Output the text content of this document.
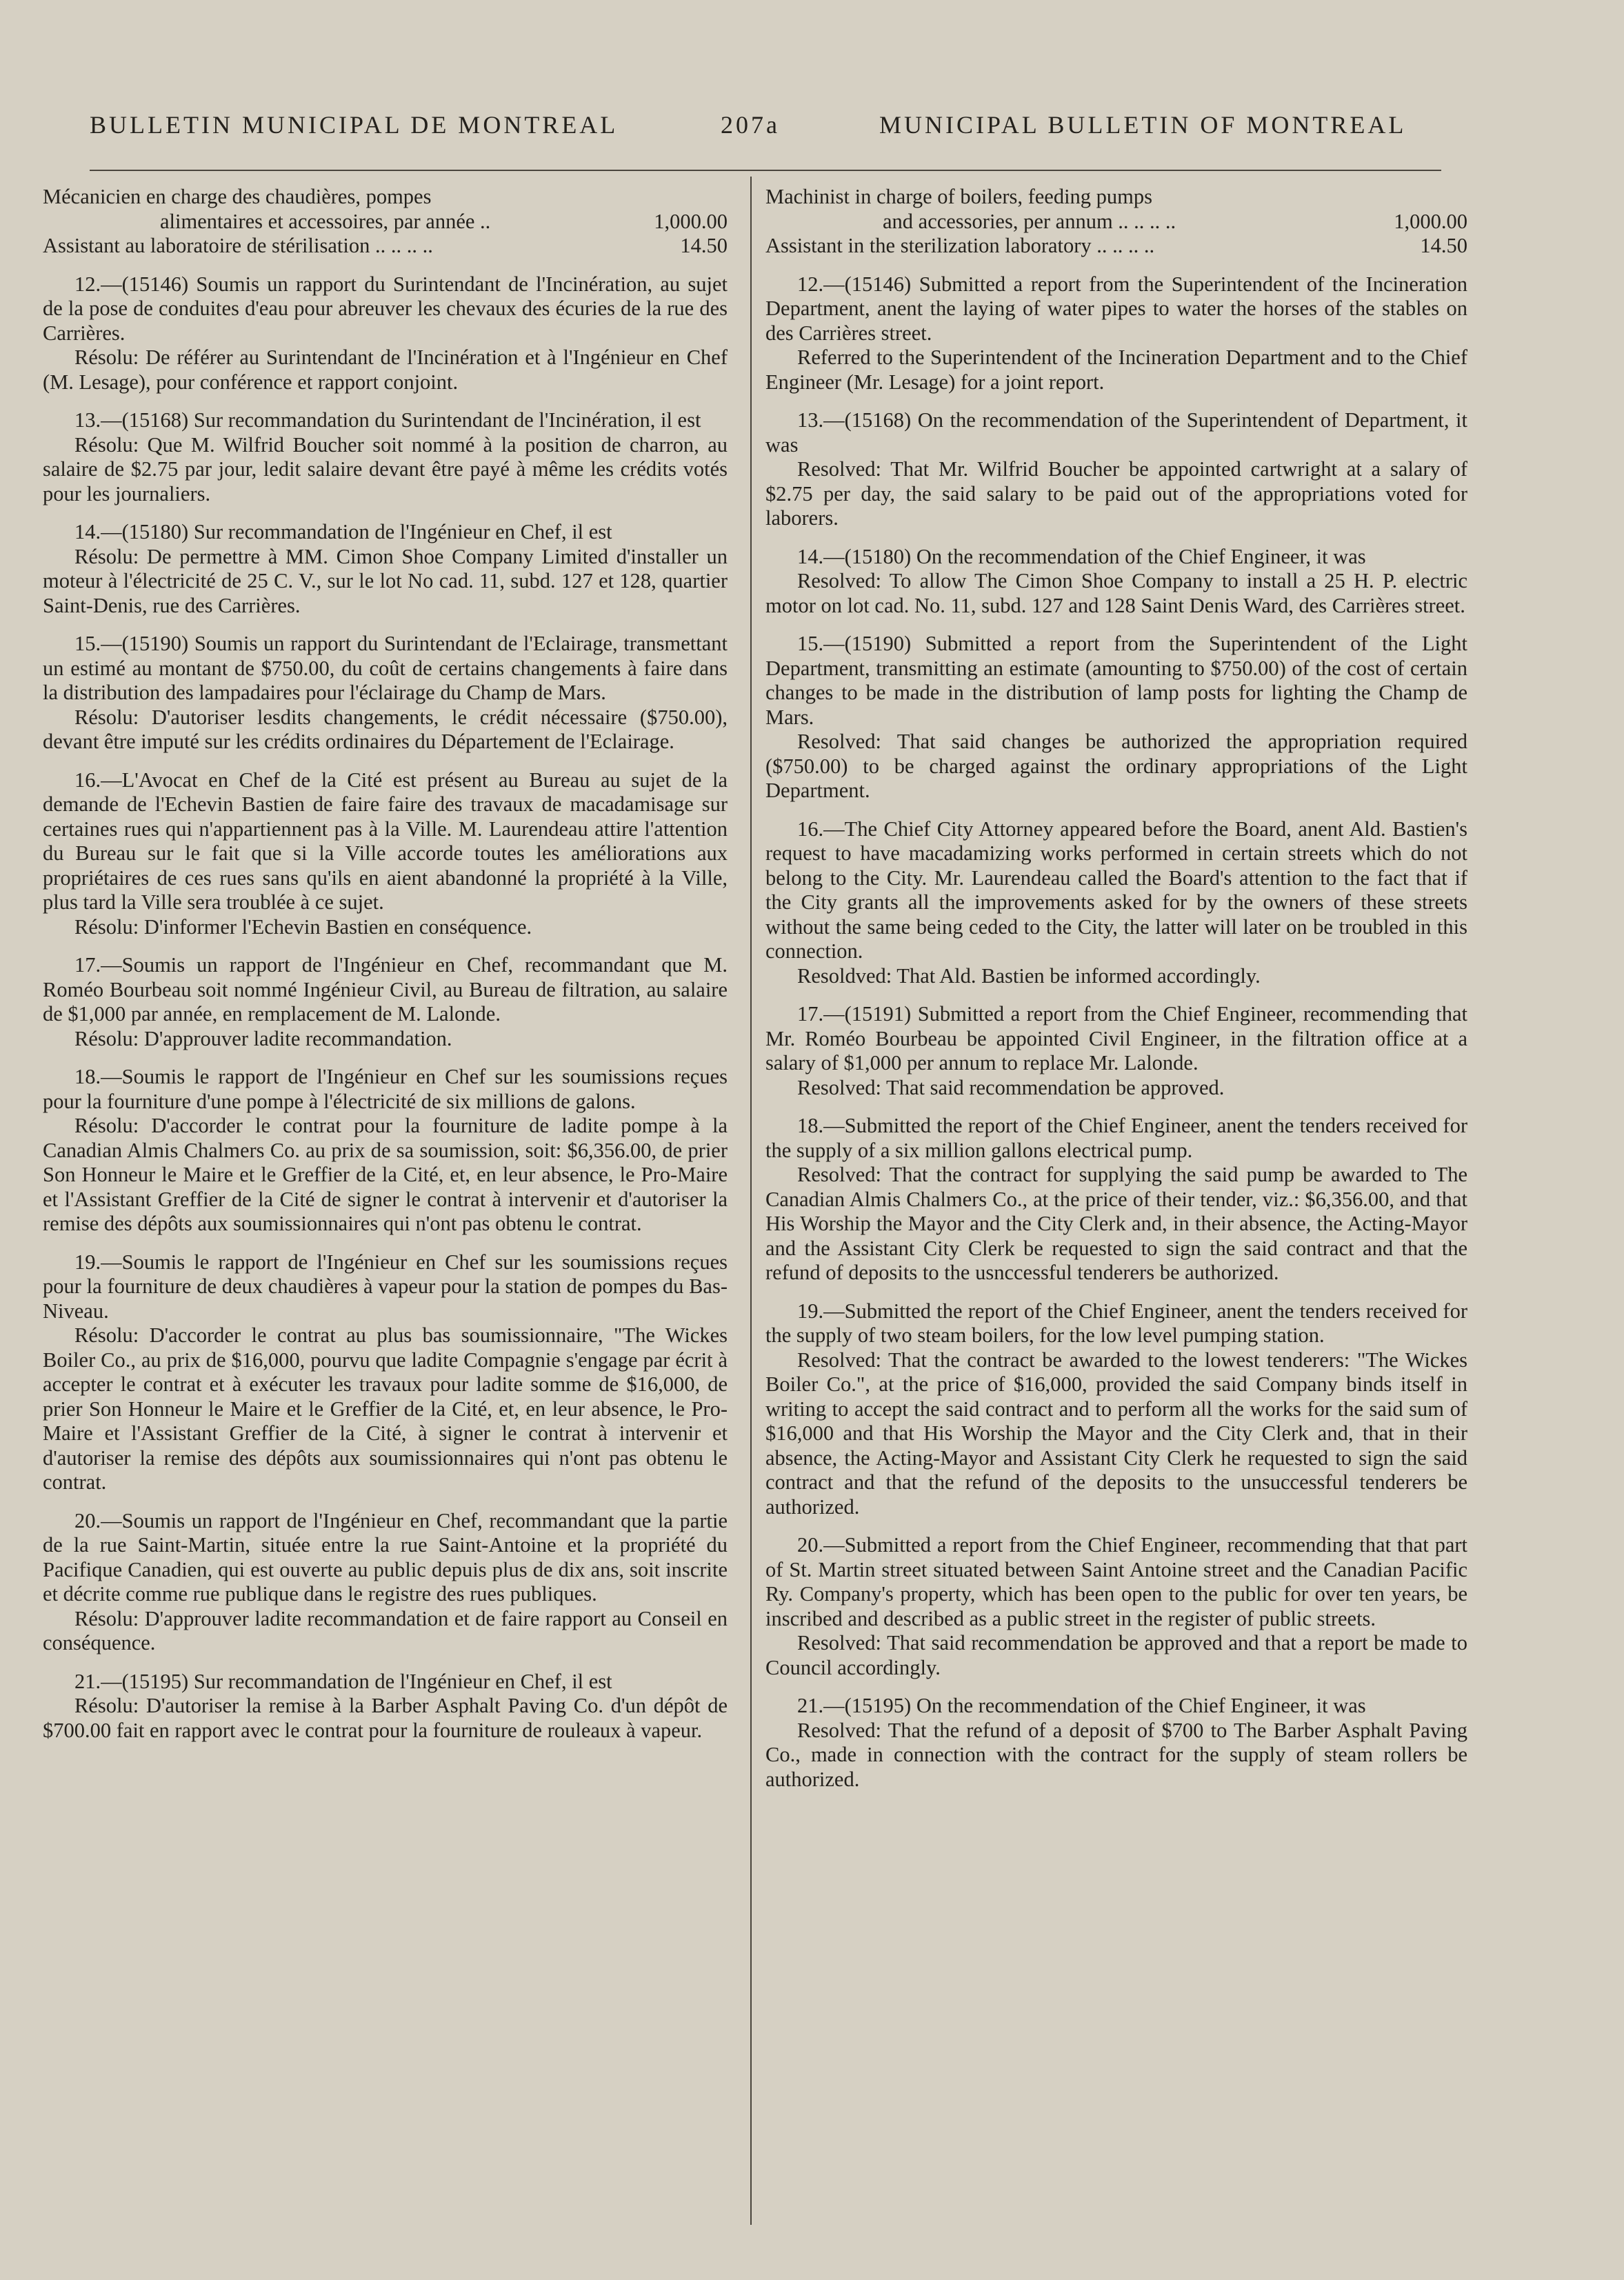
BULLETIN MUNICIPAL DE MONTREAL	207a	MUNICIPAL BULLETIN OF MONTREAL

Mécanicien en charge des chaudières, pompes

alimentaires et accessoires, par année ..	1,000.00
Assistant au laboratoire de stérilisation .. .. .. ..	14.50

12.—(15146) Soumis un rapport du Surintendant de l'Incinération, au sujet de la pose de conduites d'eau pour abreuver les chevaux des écuries de la rue des Carrières.

Résolu: De référer au Surintendant de l'Incinération et à l'Ingénieur en Chef (M. Lesage), pour conférence et rapport conjoint.

13.—(15168) Sur recommandation du Surintendant de l'Incinération, il est

Résolu: Que M. Wilfrid Boucher soit nommé à la position de charron, au salaire de $2.75 par jour, ledit salaire devant être payé à même les crédits votés pour les journaliers.

14.—(15180) Sur recommandation de l'Ingénieur en Chef, il est

Résolu: De permettre à MM. Cimon Shoe Company Limited d'installer un moteur à l'électricité de 25 C. V., sur le lot No cad. 11, subd. 127 et 128, quartier Saint-Denis, rue des Carrières.

15.—(15190) Soumis un rapport du Surintendant de l'Eclairage, transmettant un estimé au montant de $750.00, du coût de certains changements à faire dans la distribution des lampadaires pour l'éclairage du Champ de Mars.

Résolu: D'autoriser lesdits changements, le crédit nécessaire ($750.00), devant être imputé sur les crédits ordinaires du Département de l'Eclairage.

16.—L'Avocat en Chef de la Cité est présent au Bureau au sujet de la demande de l'Echevin Bastien de faire faire des travaux de macadamisage sur certaines rues qui n'appartiennent pas à la Ville. M. Laurendeau attire l'attention du Bureau sur le fait que si la Ville accorde toutes les améliorations aux propriétaires de ces rues sans qu'ils en aient abandonné la propriété à la Ville, plus tard la Ville sera troublée à ce sujet.

Résolu: D'informer l'Echevin Bastien en conséquence.

17.—Soumis un rapport de l'Ingénieur en Chef, recommandant que M. Roméo Bourbeau soit nommé Ingénieur Civil, au Bureau de filtration, au salaire de $1,000 par année, en remplacement de M. Lalonde.

Résolu: D'approuver ladite recommandation.

18.—Soumis le rapport de l'Ingénieur en Chef sur les soumissions reçues pour la fourniture d'une pompe à l'électricité de six millions de galons.

Résolu: D'accorder le contrat pour la fourniture de ladite pompe à la Canadian Almis Chalmers Co. au prix de sa soumission, soit: $6,356.00, de prier Son Honneur le Maire et le Greffier de la Cité, et, en leur absence, le Pro-Maire et l'Assistant Greffier de la Cité de signer le contrat à intervenir et d'autoriser la remise des dépôts aux soumissionnaires qui n'ont pas obtenu le contrat.

19.—Soumis le rapport de l'Ingénieur en Chef sur les soumissions reçues pour la fourniture de deux chaudières à vapeur pour la station de pompes du Bas-Niveau.

Résolu: D'accorder le contrat au plus bas soumissionnaire, "The Wickes Boiler Co., au prix de $16,000, pourvu que ladite Compagnie s'engage par écrit à accepter le contrat et à exécuter les travaux pour ladite somme de $16,000, de prier Son Honneur le Maire et le Greffier de la Cité, et, en leur absence, le Pro-Maire et l'Assistant Greffier de la Cité, à signer le contrat à intervenir et d'autoriser la remise des dépôts aux soumissionnaires qui n'ont pas obtenu le contrat.

20.—Soumis un rapport de l'Ingénieur en Chef, recommandant que la partie de la rue Saint-Martin, située entre la rue Saint-Antoine et la propriété du Pacifique Canadien, qui est ouverte au public depuis plus de dix ans, soit inscrite et décrite comme rue publique dans le registre des rues publiques.

Résolu: D'approuver ladite recommandation et de faire rapport au Conseil en conséquence.

21.—(15195) Sur recommandation de l'Ingénieur en Chef, il est

Résolu: D'autoriser la remise à la Barber Asphalt Paving Co. d'un dépôt de $700.00 fait en rapport avec le contrat pour la fourniture de rouleaux à vapeur.

Machinist in charge of boilers, feeding pumps

and accessories, per annum .. .. .. ..	1,000.00
Assistant in the sterilization laboratory .. .. .. ..	14.50

12.—(15146) Submitted a report from the Superintendent of the Incineration Department, anent the laying of water pipes to water the horses of the stables on des Carrières street.

Referred to the Superintendent of the Incineration Department and to the Chief Engineer (Mr. Lesage) for a joint report.

13.—(15168) On the recommendation of the Superintendent of Department, it was

Resolved: That Mr. Wilfrid Boucher be appointed cartwright at a salary of $2.75 per day, the said salary to be paid out of the appropriations voted for laborers.

14.—(15180) On the recommendation of the Chief Engineer, it was

Resolved: To allow The Cimon Shoe Company to install a 25 H. P. electric motor on lot cad. No. 11, subd. 127 and 128 Saint Denis Ward, des Carrières street.

15.—(15190) Submitted a report from the Superintendent of the Light Department, transmitting an estimate (amounting to $750.00) of the cost of certain changes to be made in the distribution of lamp posts for lighting the Champ de Mars.

Resolved: That said changes be authorized the appropriation required ($750.00) to be charged against the ordinary appropriations of the Light Department.

16.—The Chief City Attorney appeared before the Board, anent Ald. Bastien's request to have macadamizing works performed in certain streets which do not belong to the City. Mr. Laurendeau called the Board's attention to the fact that if the City grants all the improvements asked for by the owners of these streets without the same being ceded to the City, the latter will later on be troubled in this connection.

Resoldved: That Ald. Bastien be informed accordingly.

17.—(15191) Submitted a report from the Chief Engineer, recommending that Mr. Roméo Bourbeau be appointed Civil Engineer, in the filtration office at a salary of $1,000 per annum to replace Mr. Lalonde.

Resolved: That said recommendation be approved.

18.—Submitted the report of the Chief Engineer, anent the tenders received for the supply of a six million gallons electrical pump.

Resolved: That the contract for supplying the said pump be awarded to The Canadian Almis Chalmers Co., at the price of their tender, viz.: $6,356.00, and that His Worship the Mayor and the City Clerk and, in their absence, the Acting-Mayor and the Assistant City Clerk be requested to sign the said contract and that the refund of deposits to the usnccessful tenderers be authorized.

19.—Submitted the report of the Chief Engineer, anent the tenders received for the supply of two steam boilers, for the low level pumping station.

Resolved: That the contract be awarded to the lowest tenderers: "The Wickes Boiler Co.", at the price of $16,000, provided the said Company binds itself in writing to accept the said contract and to perform all the works for the said sum of $16,000 and that His Worship the Mayor and the City Clerk and, that in their absence, the Acting-Mayor and Assistant City Clerk he requested to sign the said contract and that the refund of the deposits to the unsuccessful tenderers be authorized.

20.—Submitted a report from the Chief Engineer, recommending that that part of St. Martin street situated between Saint Antoine street and the Canadian Pacific Ry. Company's property, which has been open to the public for over ten years, be inscribed and described as a public street in the register of public streets.

Resolved: That said recommendation be approved and that a report be made to Council accordingly.

21.—(15195) On the recommendation of the Chief Engineer, it was

Resolved: That the refund of a deposit of $700 to The Barber Asphalt Paving Co., made in connection with the contract for the supply of steam rollers be authorized.
